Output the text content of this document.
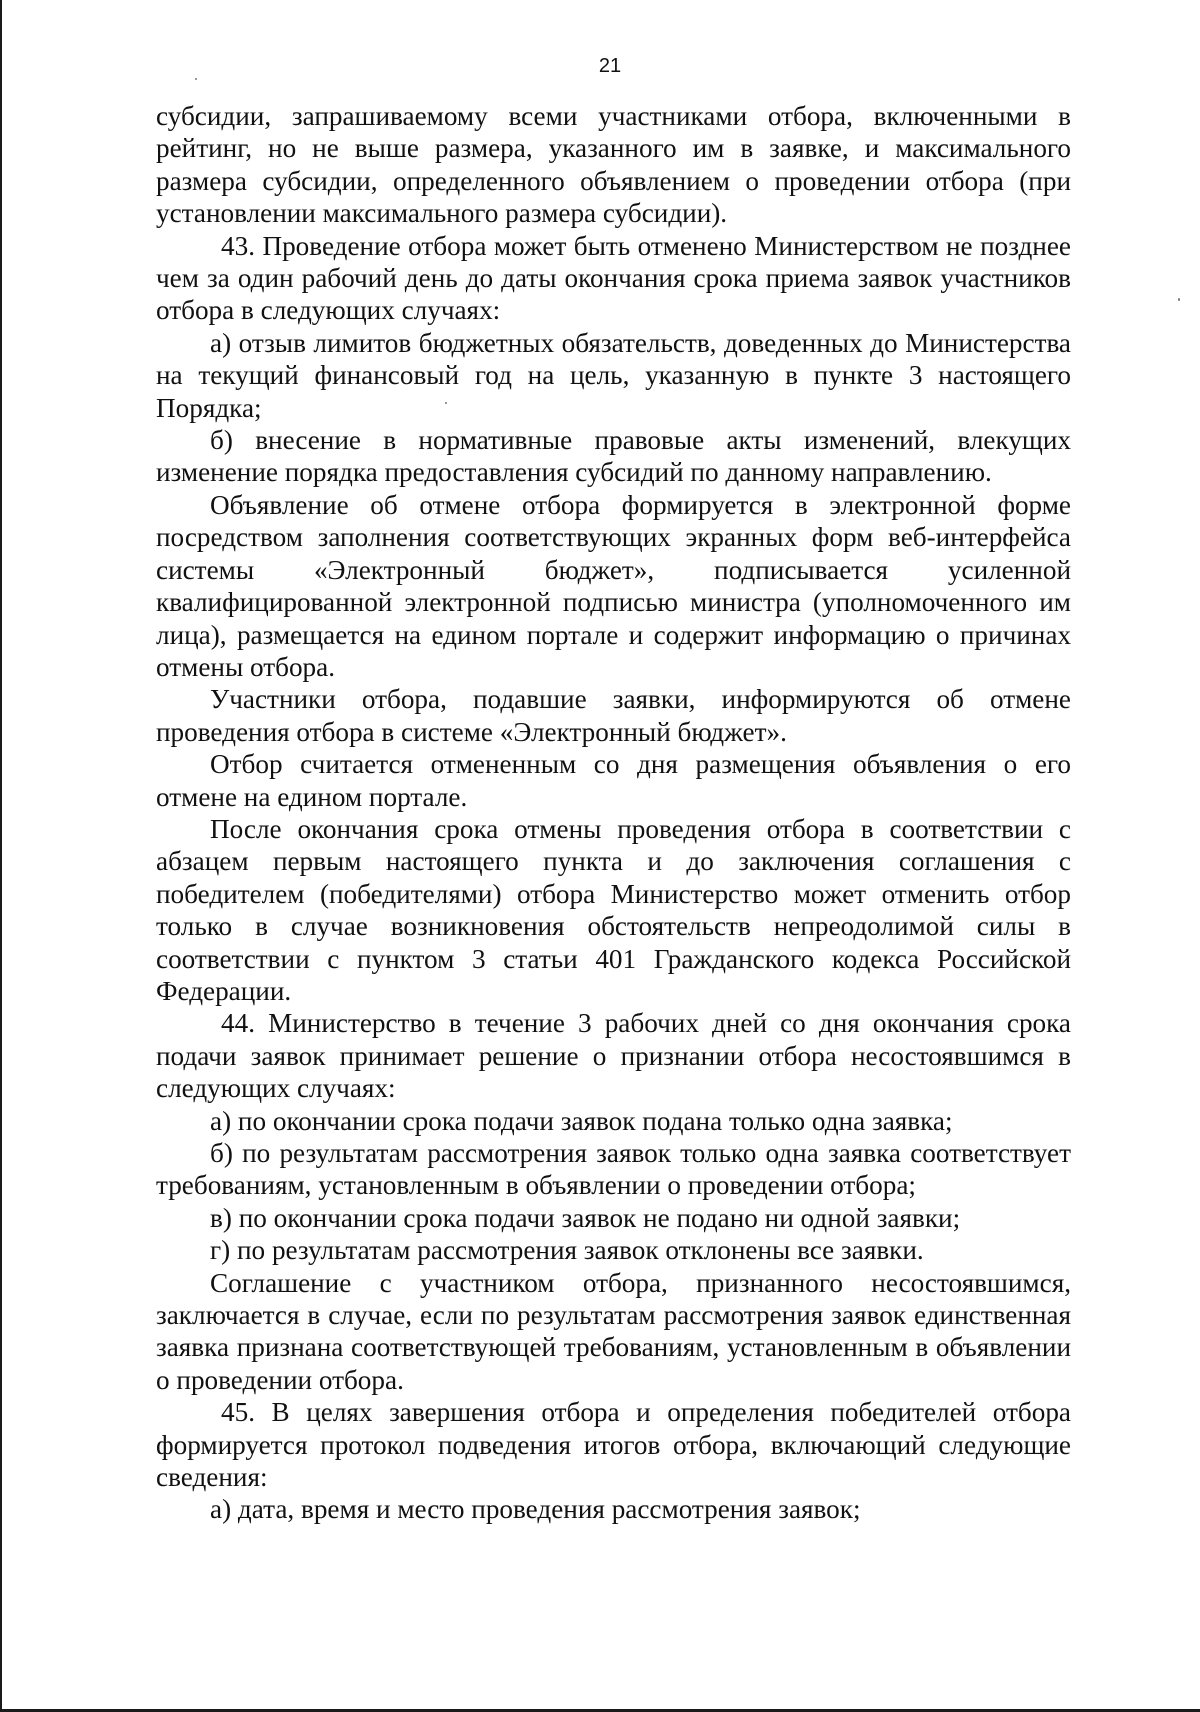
21

субсидии, запрашиваемому всеми участниками отбора, включенными в рейтинг, но не выше размера, указанного им в заявке, и максимального размера субсидии, определенного объявлением о проведении отбора (при установлении максимального размера субсидии).

43. Проведение отбора может быть отменено Министерством не позднее чем за один рабочий день до даты окончания срока приема заявок участников отбора в следующих случаях:

а) отзыв лимитов бюджетных обязательств, доведенных до Министерства на текущий финансовый год на цель, указанную в пункте 3 настоящего Порядка;

б) внесение в нормативные правовые акты изменений, влекущих изменение порядка предоставления субсидий по данному направлению.

Объявление об отмене отбора формируется в электронной форме посредством заполнения соответствующих экранных форм веб-интерфейса системы «Электронный бюджет», подписывается усиленной квалифицированной электронной подписью министра (уполномоченного им лица), размещается на едином портале и содержит информацию о причинах отмены отбора.

Участники отбора, подавшие заявки, информируются об отмене проведения отбора в системе «Электронный бюджет».

Отбор считается отмененным со дня размещения объявления о его отмене на едином портале.

После окончания срока отмены проведения отбора в соответствии с абзацем первым настоящего пункта и до заключения соглашения с победителем (победителями) отбора Министерство может отменить отбор только в случае возникновения обстоятельств непреодолимой силы в соответствии с пунктом 3 статьи 401 Гражданского кодекса Российской Федерации.

44. Министерство в течение 3 рабочих дней со дня окончания срока подачи заявок принимает решение о признании отбора несостоявшимся в следующих случаях:

а) по окончании срока подачи заявок подана только одна заявка;

б) по результатам рассмотрения заявок только одна заявка соответствует требованиям, установленным в объявлении о проведении отбора;

в) по окончании срока подачи заявок не подано ни одной заявки;

г) по результатам рассмотрения заявок отклонены все заявки.

Соглашение с участником отбора, признанного несостоявшимся, заключается в случае, если по результатам рассмотрения заявок единственная заявка признана соответствующей требованиям, установленным в объявлении о проведении отбора.

45. В целях завершения отбора и определения победителей отбора формируется протокол подведения итогов отбора, включающий следующие сведения:

а) дата, время и место проведения рассмотрения заявок;
